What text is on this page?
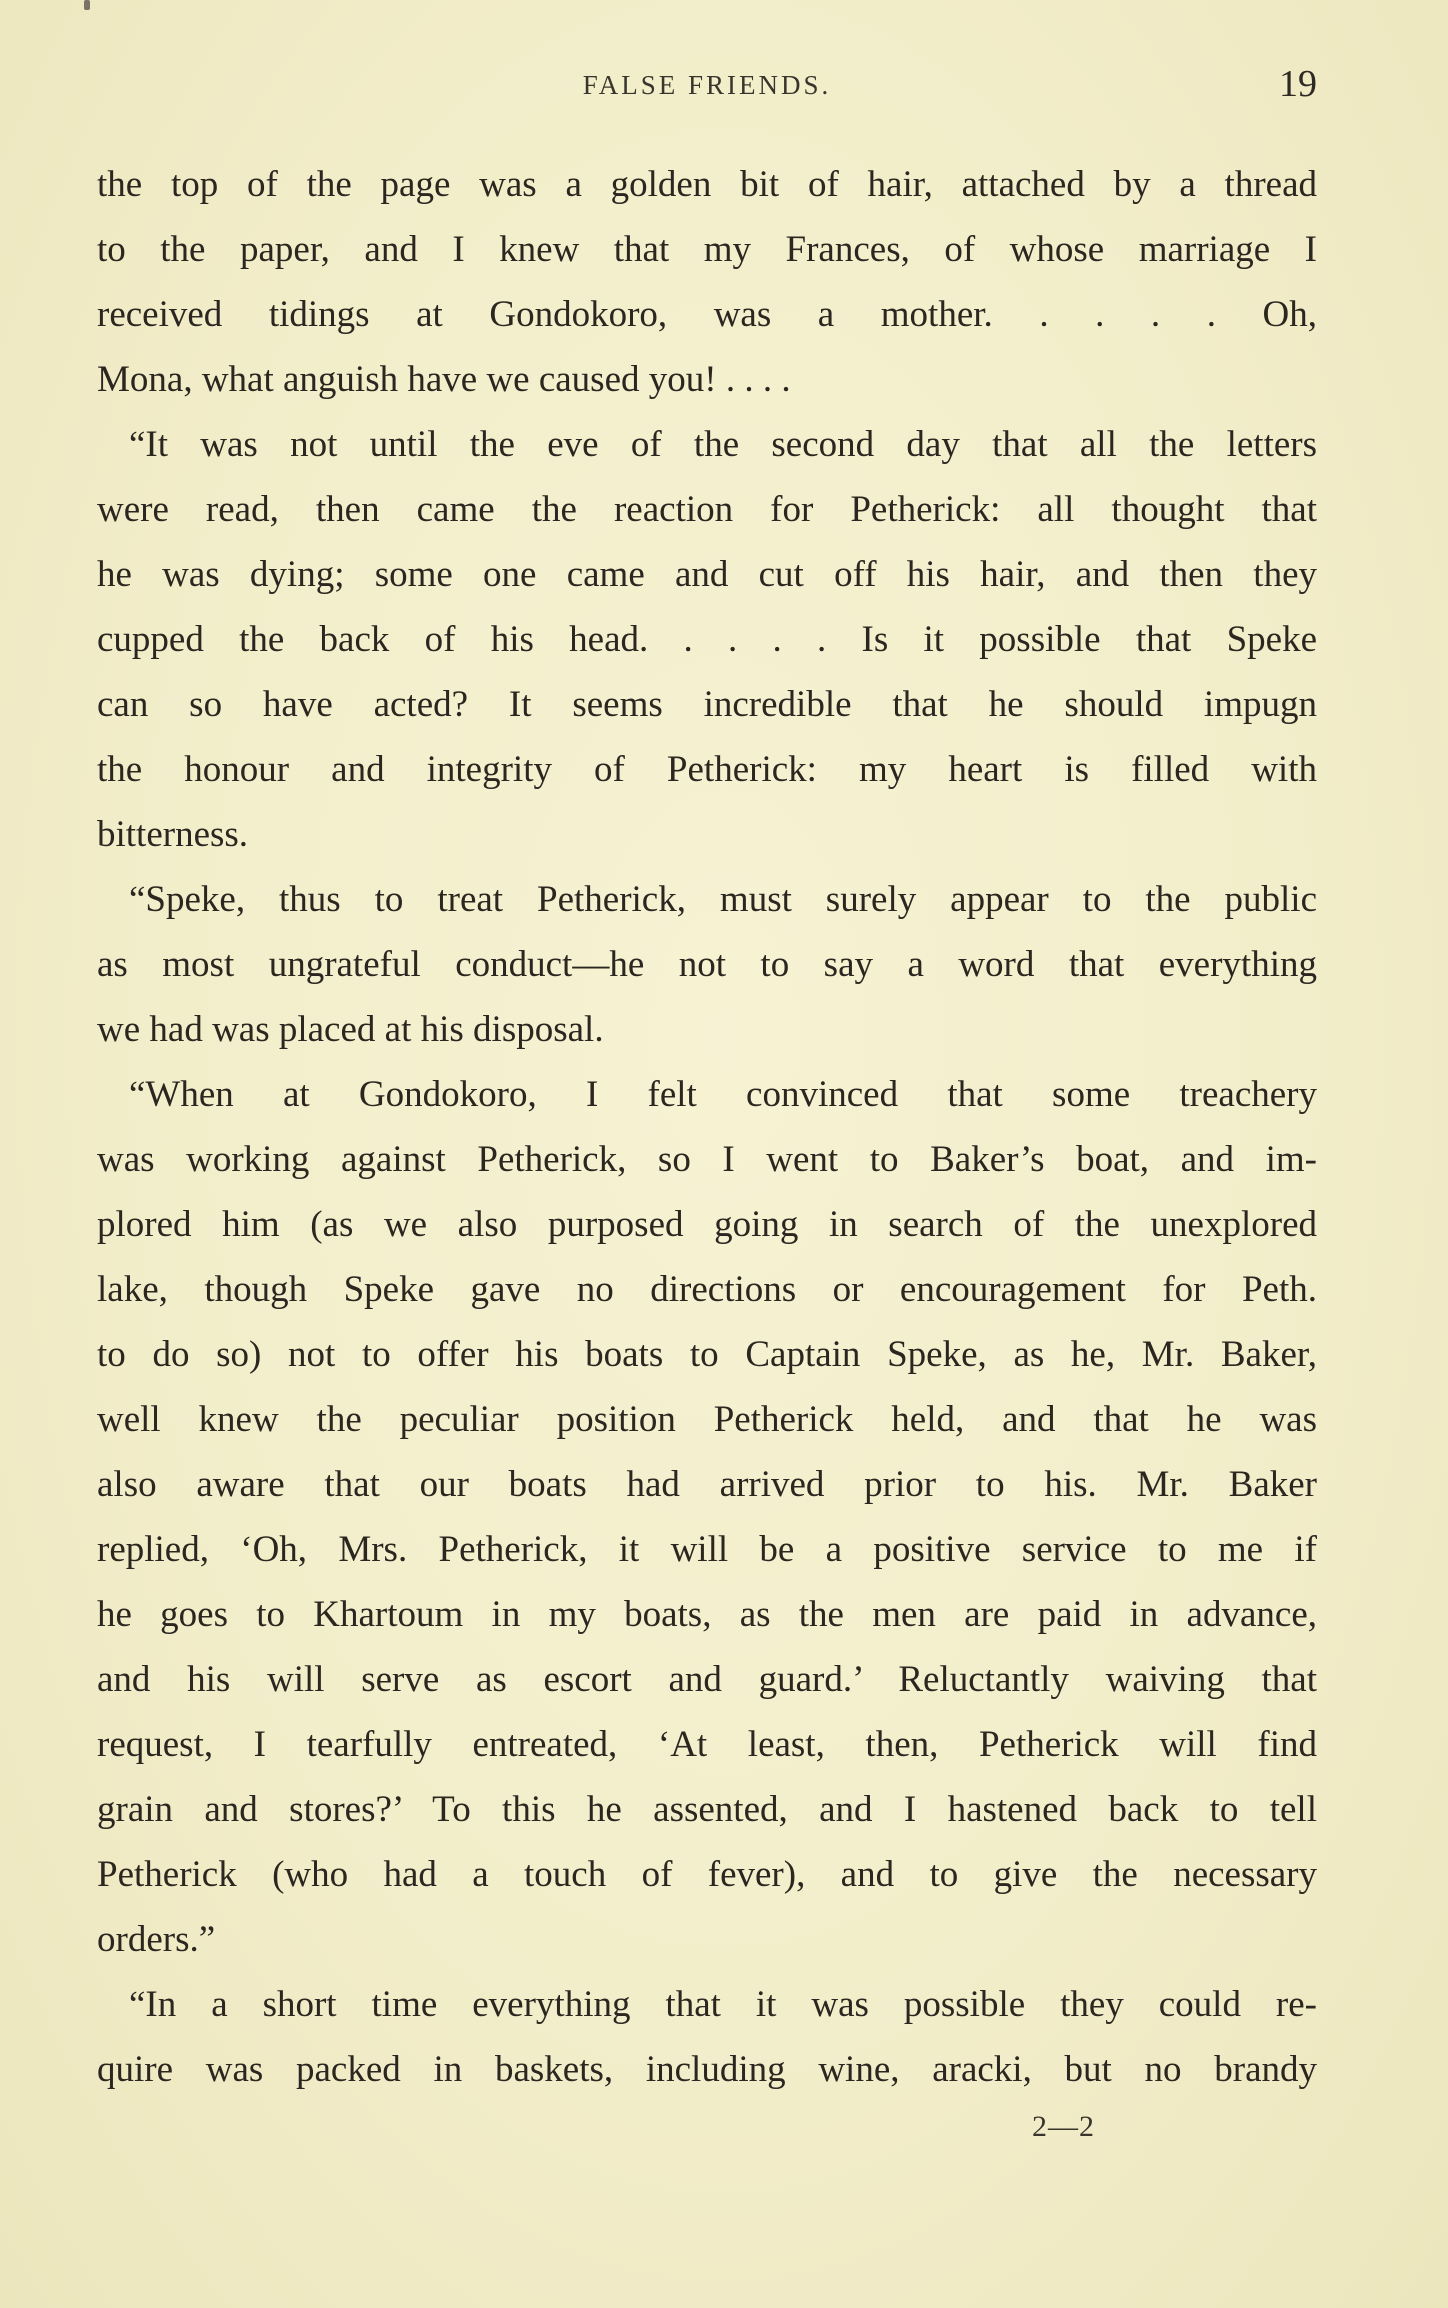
FALSE FRIENDS.	19
the top of the page was a golden bit of hair, attached by a thread
to the paper, and I knew that my Frances, of whose marriage I
received tidings at Gondokoro, was a mother. . . . . Oh,
Mona, what anguish have we caused you! . . . .
“It was not until the eve of the second day that all the letters
were read, then came the reaction for Petherick: all thought that
he was dying; some one came and cut off his hair, and then they
cupped the back of his head. . . . . Is it possible that Speke
can so have acted? It seems incredible that he should impugn
the honour and integrity of Petherick: my heart is filled with
bitterness.
“Speke, thus to treat Petherick, must surely appear to the public
as most ungrateful conduct—he not to say a word that everything
we had was placed at his disposal.
“When at Gondokoro, I felt convinced that some treachery
was working against Petherick, so I went to Baker’s boat, and im-
plored him (as we also purposed going in search of the unexplored
lake, though Speke gave no directions or encouragement for Peth.
to do so) not to offer his boats to Captain Speke, as he, Mr. Baker,
well knew the peculiar position Petherick held, and that he was
also aware that our boats had arrived prior to his. Mr. Baker
replied, ‘Oh, Mrs. Petherick, it will be a positive service to me if
he goes to Khartoum in my boats, as the men are paid in advance,
and his will serve as escort and guard.’ Reluctantly waiving that
request, I tearfully entreated, ‘At least, then, Petherick will find
grain and stores?’ To this he assented, and I hastened back to tell
Petherick (who had a touch of fever), and to give the necessary
orders.”
“In a short time everything that it was possible they could re-
quire was packed in baskets, including wine, aracki, but no brandy
2—2
